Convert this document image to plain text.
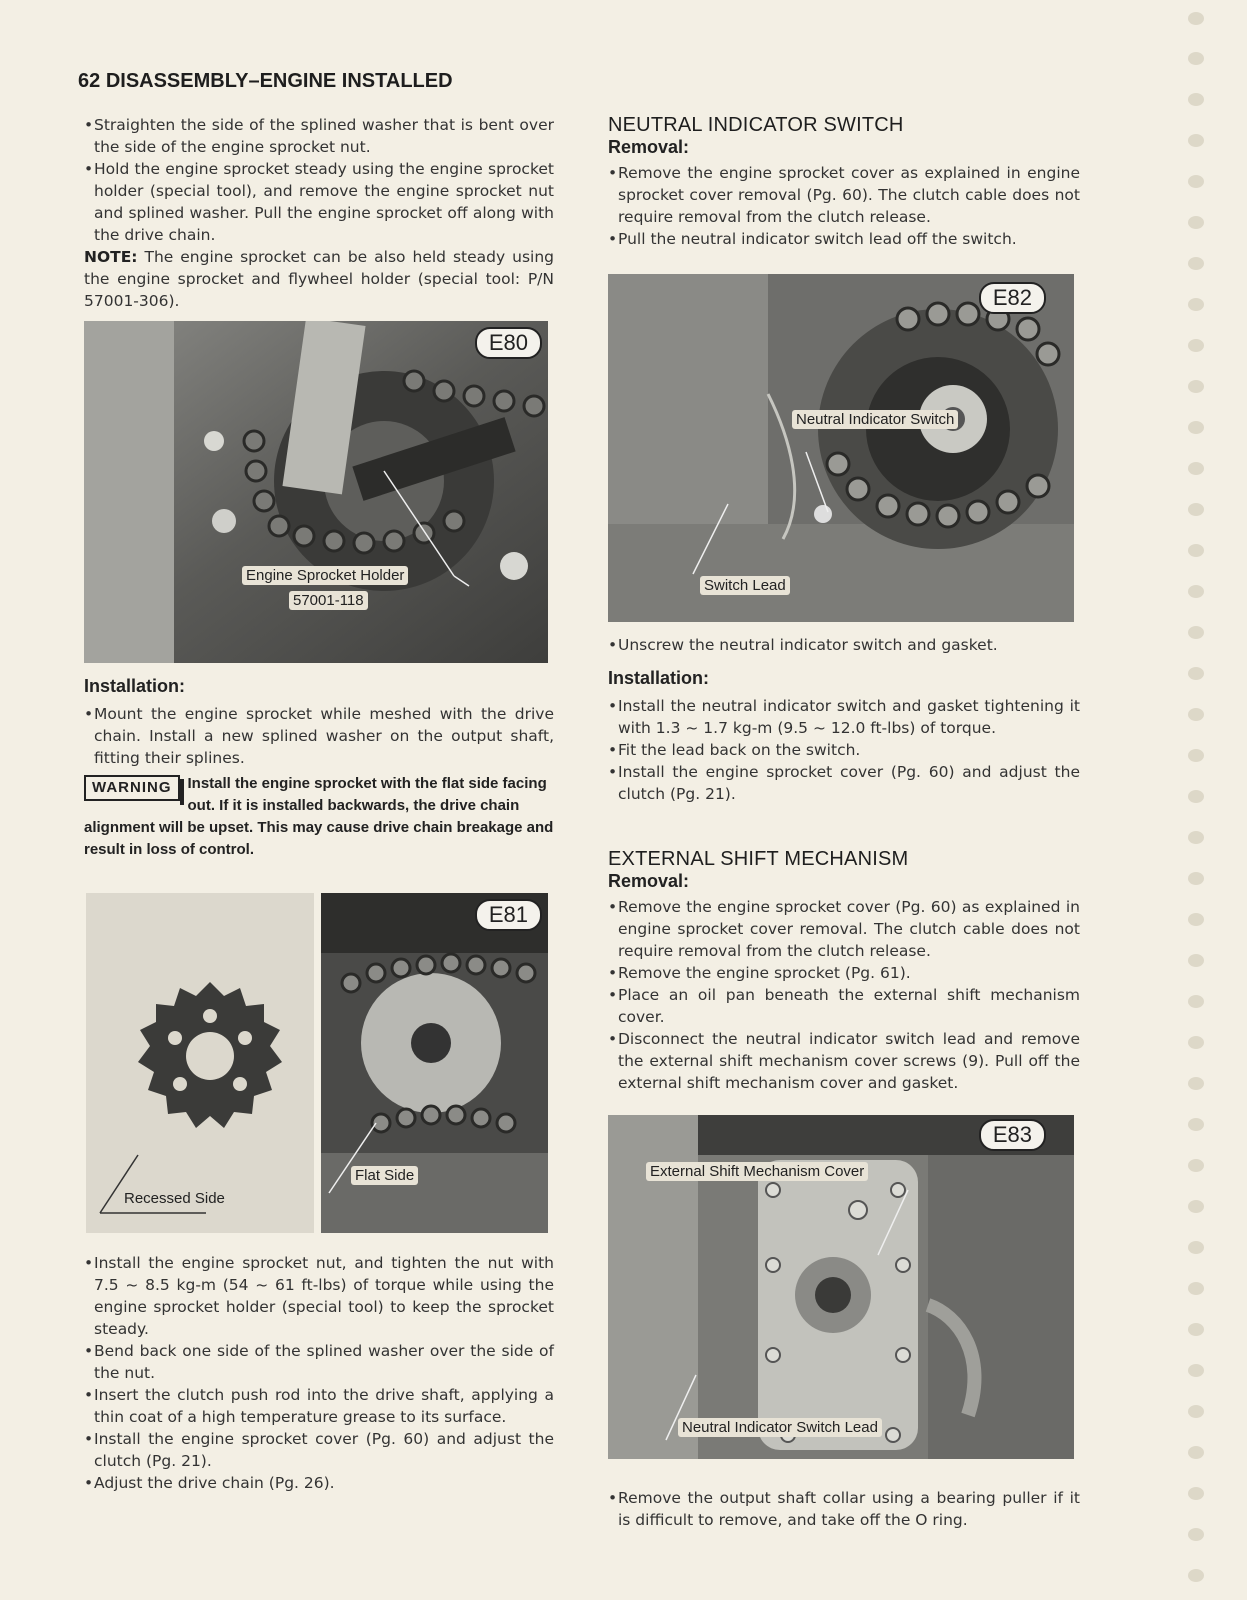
62 DISASSEMBLY–ENGINE INSTALLED
• Straighten the side of the splined washer that is bent over the side of the engine sprocket nut.
• Hold the engine sprocket steady using the engine sprocket holder (special tool), and remove the engine sprocket nut and splined washer. Pull the engine sprocket off along with the drive chain.

NOTE: The engine sprocket can be also held steady using the engine sprocket and flywheel holder (special tool: P/N 57001-306).

E80
Engine Sprocket Holder
57001-118
Installation:
• Mount the engine sprocket while meshed with the drive chain. Install a new splined washer on the output shaft, fitting their splines.

WARNING	Install the engine sprocket with the flat side facing out. If it is installed backwards, the drive chain alignment will be upset. This may cause drive chain breakage and result in loss of control.

Recessed Side
E81
Flat Side
• Install the engine sprocket nut, and tighten the nut with 7.5 ~ 8.5 kg-m (54 ~ 61 ft-lbs) of torque while using the engine sprocket holder (special tool) to keep the sprocket steady.
• Bend back one side of the splined washer over the side of the nut.
• Insert the clutch push rod into the drive shaft, applying a thin coat of a high temperature grease to its surface.
• Install the engine sprocket cover (Pg. 60) and adjust the clutch (Pg. 21).
• Adjust the drive chain (Pg. 26).
NEUTRAL INDICATOR SWITCH
Removal:
• Remove the engine sprocket cover as explained in engine sprocket cover removal (Pg. 60). The clutch cable does not require removal from the clutch release.
• Pull the neutral indicator switch lead off the switch.
E82
Neutral Indicator Switch
Switch Lead
• Unscrew the neutral indicator switch and gasket.
Installation:
• Install the neutral indicator switch and gasket tightening it with 1.3 ~ 1.7 kg-m (9.5 ~ 12.0 ft-lbs) of torque.
• Fit the lead back on the switch.
• Install the engine sprocket cover (Pg. 60) and adjust the clutch (Pg. 21).
EXTERNAL SHIFT MECHANISM
Removal:
• Remove the engine sprocket cover (Pg. 60) as explained in engine sprocket cover removal. The clutch cable does not require removal from the clutch release.
• Remove the engine sprocket (Pg. 61).
• Place an oil pan beneath the external shift mechanism cover.
• Disconnect the neutral indicator switch lead and remove the external shift mechanism cover screws (9). Pull off the external shift mechanism cover and gasket.
E83
External Shift Mechanism Cover
Neutral Indicator Switch Lead
• Remove the output shaft collar using a bearing puller if it is difficult to remove, and take off the O ring.
